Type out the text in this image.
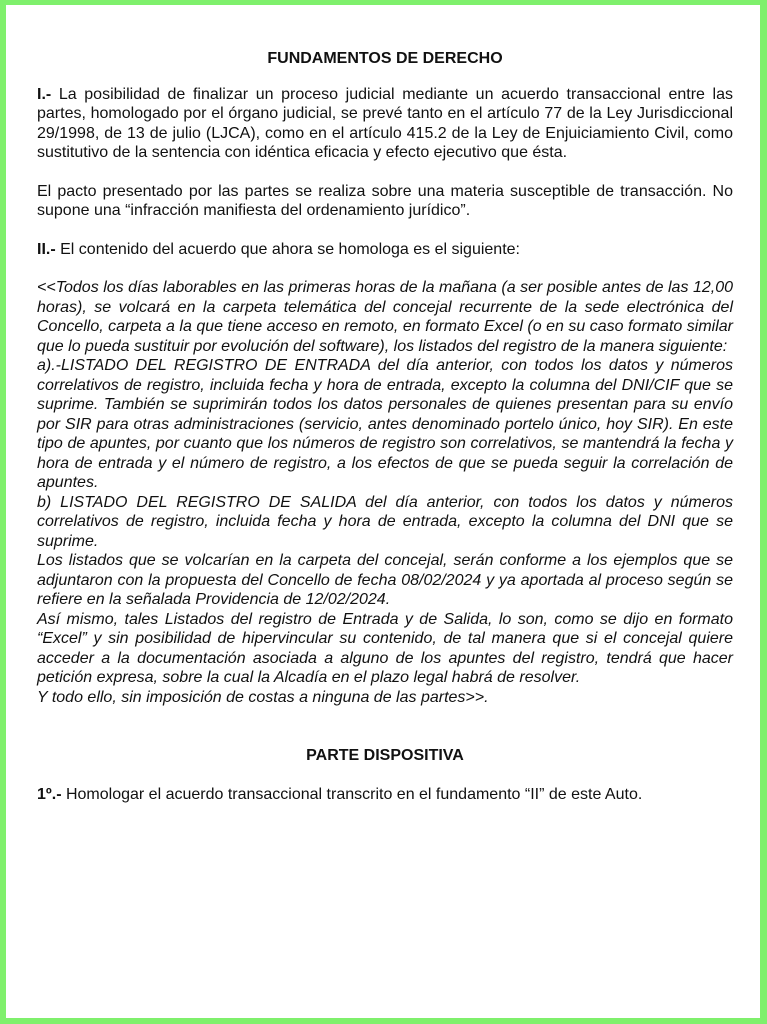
FUNDAMENTOS DE DERECHO

I.- La posibilidad de finalizar un proceso judicial mediante un acuerdo transaccional entre las partes, homologado por el órgano judicial, se prevé tanto en el artículo 77 de la Ley Jurisdiccional 29/1998, de 13 de julio (LJCA), como en el artículo 415.2 de la Ley de Enjuiciamiento Civil, como sustitutivo de la sentencia con idéntica eficacia y efecto ejecutivo que ésta.

El pacto presentado por las partes se realiza sobre una materia susceptible de transacción. No supone una “infracción manifiesta del ordenamiento jurídico”.

II.- El contenido del acuerdo que ahora se homologa es el siguiente:

<<Todos los días laborables en las primeras horas de la mañana (a ser posible antes de las 12,00 horas), se volcará en la carpeta telemática del concejal recurrente de la sede electrónica del Concello, carpeta a la que tiene acceso en remoto, en formato Excel (o en su caso formato similar que lo pueda sustituir por evolución del software), los listados del registro de la manera siguiente:

a).-LISTADO DEL REGISTRO DE ENTRADA del día anterior, con todos los datos y números correlativos de registro, incluida fecha y hora de entrada, excepto la columna del DNI/CIF que se suprime. También se suprimirán todos los datos personales de quienes presentan para su envío por SIR para otras administraciones (servicio, antes denominado portelo único, hoy SIR). En este tipo de apuntes, por cuanto que los números de registro son correlativos, se mantendrá la fecha y hora de entrada y el número de registro, a los efectos de que se pueda seguir la correlación de apuntes.

b) LISTADO DEL REGISTRO DE SALIDA del día anterior, con todos los datos y números correlativos de registro, incluida fecha y hora de entrada, excepto la columna del DNI que se suprime.

Los listados que se volcarían en la carpeta del concejal, serán conforme a los ejemplos que se adjuntaron con la propuesta del Concello de fecha 08/02/2024 y ya aportada al proceso según se refiere en la señalada Providencia de 12/02/2024.

Así mismo, tales Listados del registro de Entrada y de Salida, lo son, como se dijo en formato “Excel” y sin posibilidad de hipervincular su contenido, de tal manera que si el concejal quiere acceder a la documentación asociada a alguno de los apuntes del registro, tendrá que hacer petición expresa, sobre la cual la Alcadía en el plazo legal habrá de resolver.

Y todo ello, sin imposición de costas a ninguna de las partes>>.

PARTE DISPOSITIVA

1º.- Homologar el acuerdo transaccional transcrito en el fundamento “II” de este Auto.
